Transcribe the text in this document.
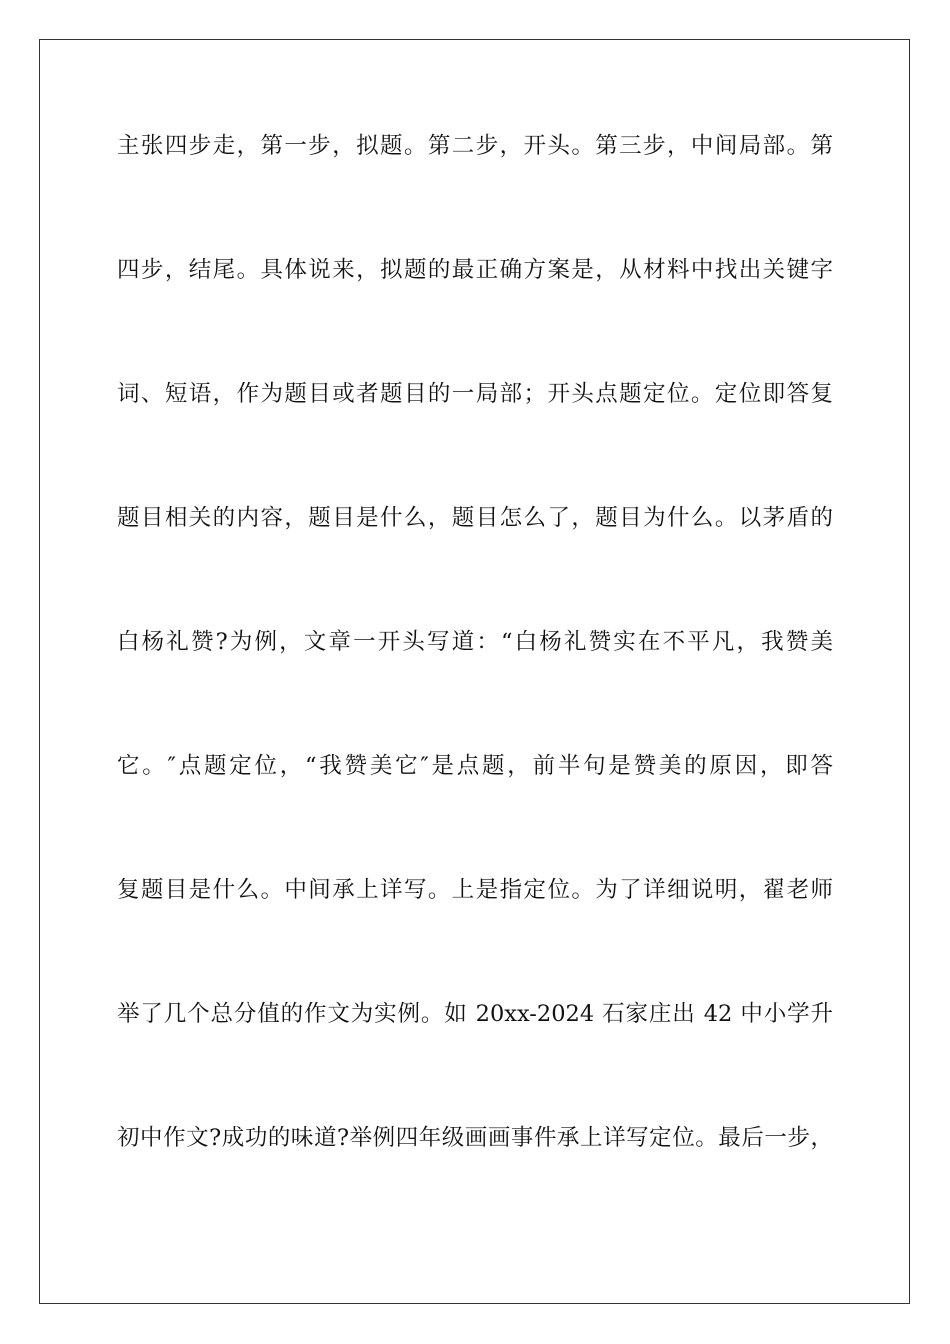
主张四步走，第一步，拟题。第二步，开头。第三步，中间局部。第
四步，结尾。具体说来，拟题的最正确方案是，从材料中找出关键字
词、短语，作为题目或者题目的一局部；开头点题定位。定位即答复
题目相关的内容，题目是什么，题目怎么了，题目为什么。以茅盾的
白杨礼赞?为例，文章一开头写道：“白杨礼赞实在不平凡，我赞美
它。″点题定位，“我赞美它″是点题，前半句是赞美的原因，即答
复题目是什么。中间承上详写。上是指定位。为了详细说明，翟老师
举了几个总分值的作文为实例。如 20xx-2024 石家庄出 42 中小学升
初中作文?成功的味道?举例四年级画画事件承上详写定位。最后一步，
